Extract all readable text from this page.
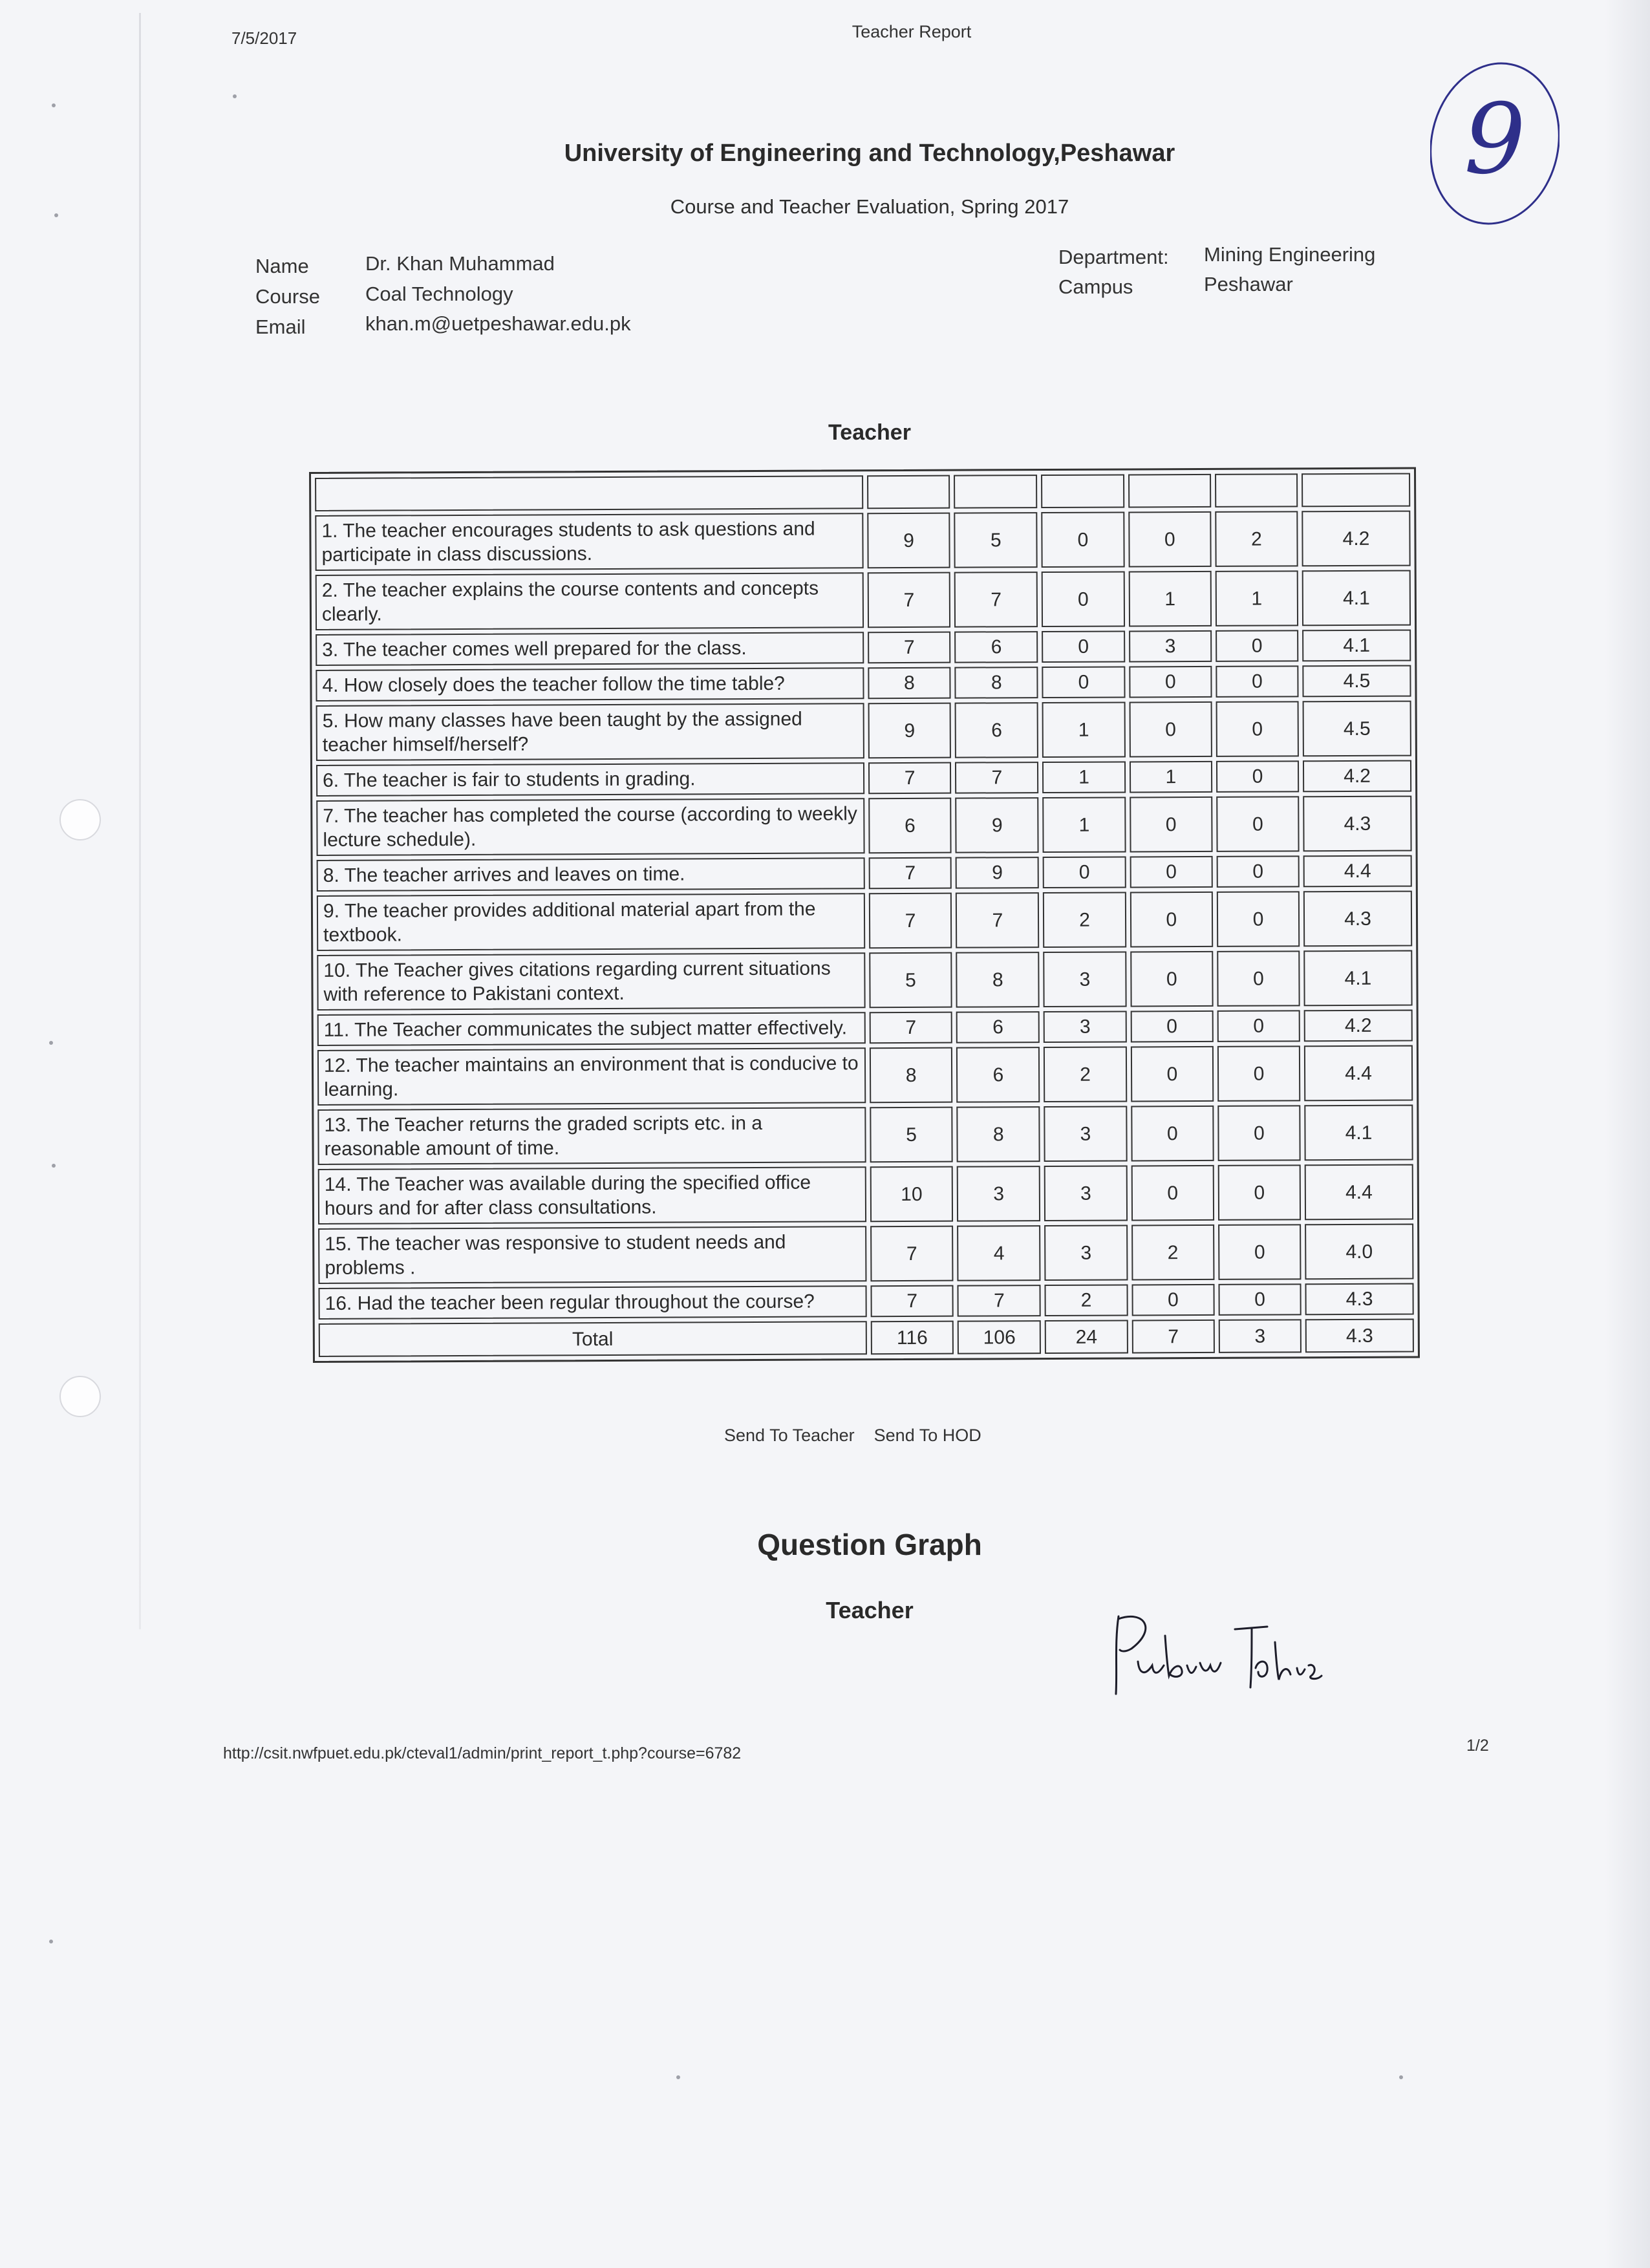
7/5/2017	Teacher Report
9
University of Engineering and Technology,Peshawar
Course and Teacher Evaluation, Spring 2017
Name	Dr. Khan Muhammad
Course Coal Technology
Email	khan.m@uetpeshawar.edu.pk
Department: Mining Engineering
Campus	Peshawar
Teacher

1. The teacher encourages students to ask questions and participate in class discussions.	9	5	0	0	2	4.2
2. The teacher explains the course contents and concepts clearly.	7	7	0	1	1	4.1
3. The teacher comes well prepared for the class.	7	6	0	3	0	4.1
4. How closely does the teacher follow the time table?	8	8	0	0	0	4.5
5. How many classes have been taught by the assigned teacher himself/herself?	9	6	1	0	0	4.5
6. The teacher is fair to students in grading.	7	7	1	1	0	4.2
7. The teacher has completed the course (according to weekly lecture schedule).	6	9	1	0	0	4.3
8. The teacher arrives and leaves on time.	7	9	0	0	0	4.4
9. The teacher provides additional material apart from the textbook.	7	7	2	0	0	4.3
10. The Teacher gives citations regarding current situations with reference to Pakistani context.	5	8	3	0	0	4.1
11. The Teacher communicates the subject matter effectively.	7	6	3	0	0	4.2
12. The teacher maintains an environment that is conducive to learning.	8	6	2	0	0	4.4
13. The Teacher returns the graded scripts etc. in a reasonable amount of time.	5	8	3	0	0	4.1
14. The Teacher was available during the specified office hours and for after class consultations.	10	3	3	0	0	4.4
15. The teacher was responsive to student needs and problems .	7	4	3	2	0	4.0
16. Had the teacher been regular throughout the course?	7	7	2	0	0	4.3
Total	116	106	24	7	3	4.3
Send To Teacher Send To HOD
Question Graph
Teacher
http://csit.nwfpuet.edu.pk/cteval1/admin/print_report_t.php?course=6782	1/2
